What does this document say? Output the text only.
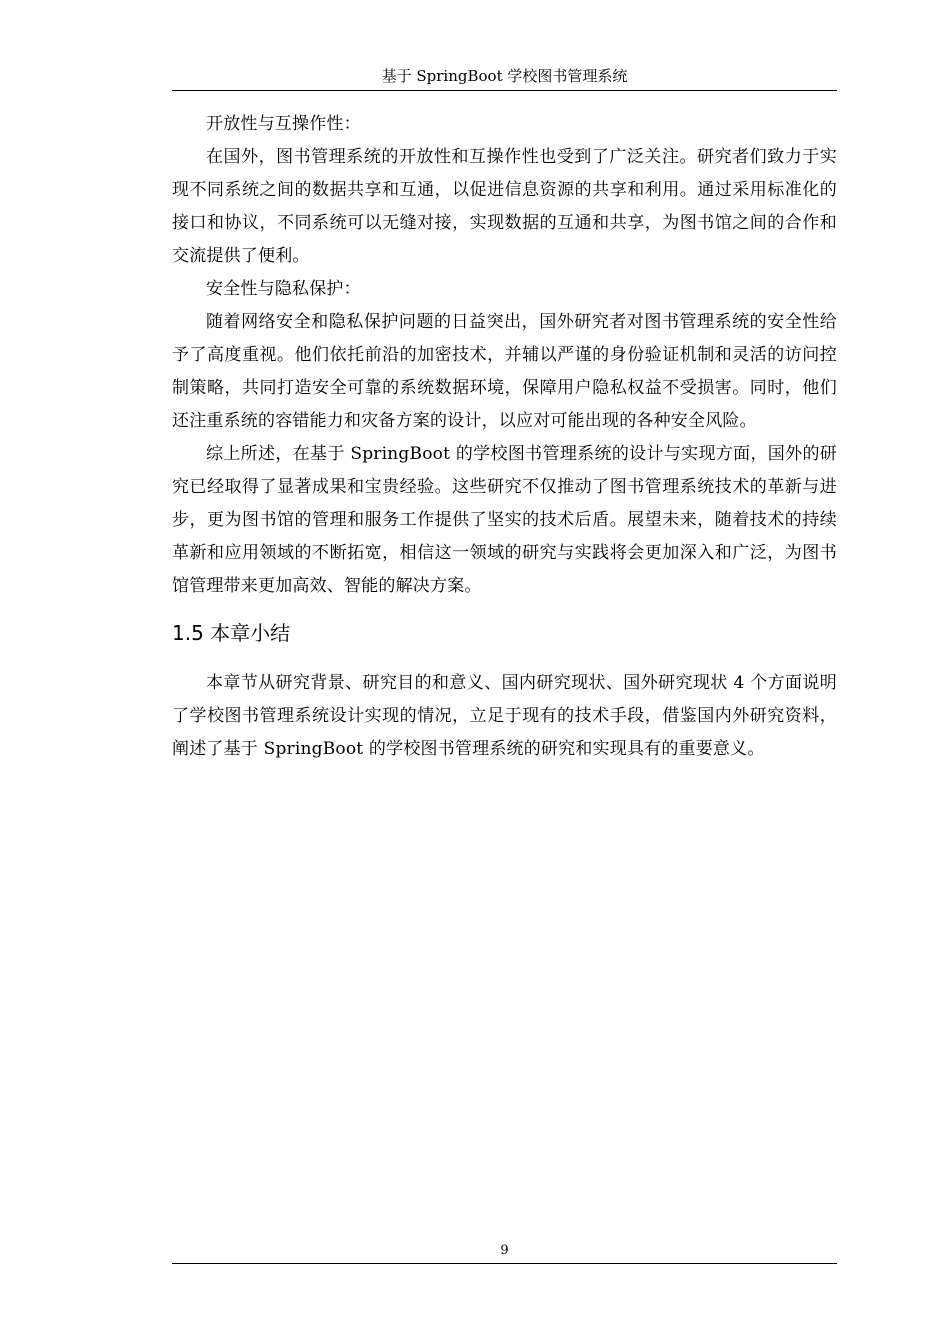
基于 SpringBoot 学校图书管理系统

开放性与互操作性：

在国外，图书管理系统的开放性和互操作性也受到了广泛关注。研究者们致力于实现不同系统之间的数据共享和互通，以促进信息资源的共享和利用。通过采用标准化的接口和协议，不同系统可以无缝对接，实现数据的互通和共享，为图书馆之间的合作和交流提供了便利。

安全性与隐私保护：

随着网络安全和隐私保护问题的日益突出，国外研究者对图书管理系统的安全性给予了高度重视。他们依托前沿的加密技术，并辅以严谨的身份验证机制和灵活的访问控制策略，共同打造安全可靠的系统数据环境，保障用户隐私权益不受损害。同时，他们还注重系统的容错能力和灾备方案的设计，以应对可能出现的各种安全风险。

综上所述，在基于 SpringBoot 的学校图书管理系统的设计与实现方面，国外的研究已经取得了显著成果和宝贵经验。这些研究不仅推动了图书管理系统技术的革新与进步，更为图书馆的管理和服务工作提供了坚实的技术后盾。展望未来，随着技术的持续革新和应用领域的不断拓宽，相信这一领域的研究与实践将会更加深入和广泛，为图书馆管理带来更加高效、智能的解决方案。

1.5 本章小结

本章节从研究背景、研究目的和意义、国内研究现状、国外研究现状 4 个方面说明了学校图书管理系统设计实现的情况，立足于现有的技术手段，借鉴国内外研究资料，阐述了基于 SpringBoot 的学校图书管理系统的研究和实现具有的重要意义。

9
